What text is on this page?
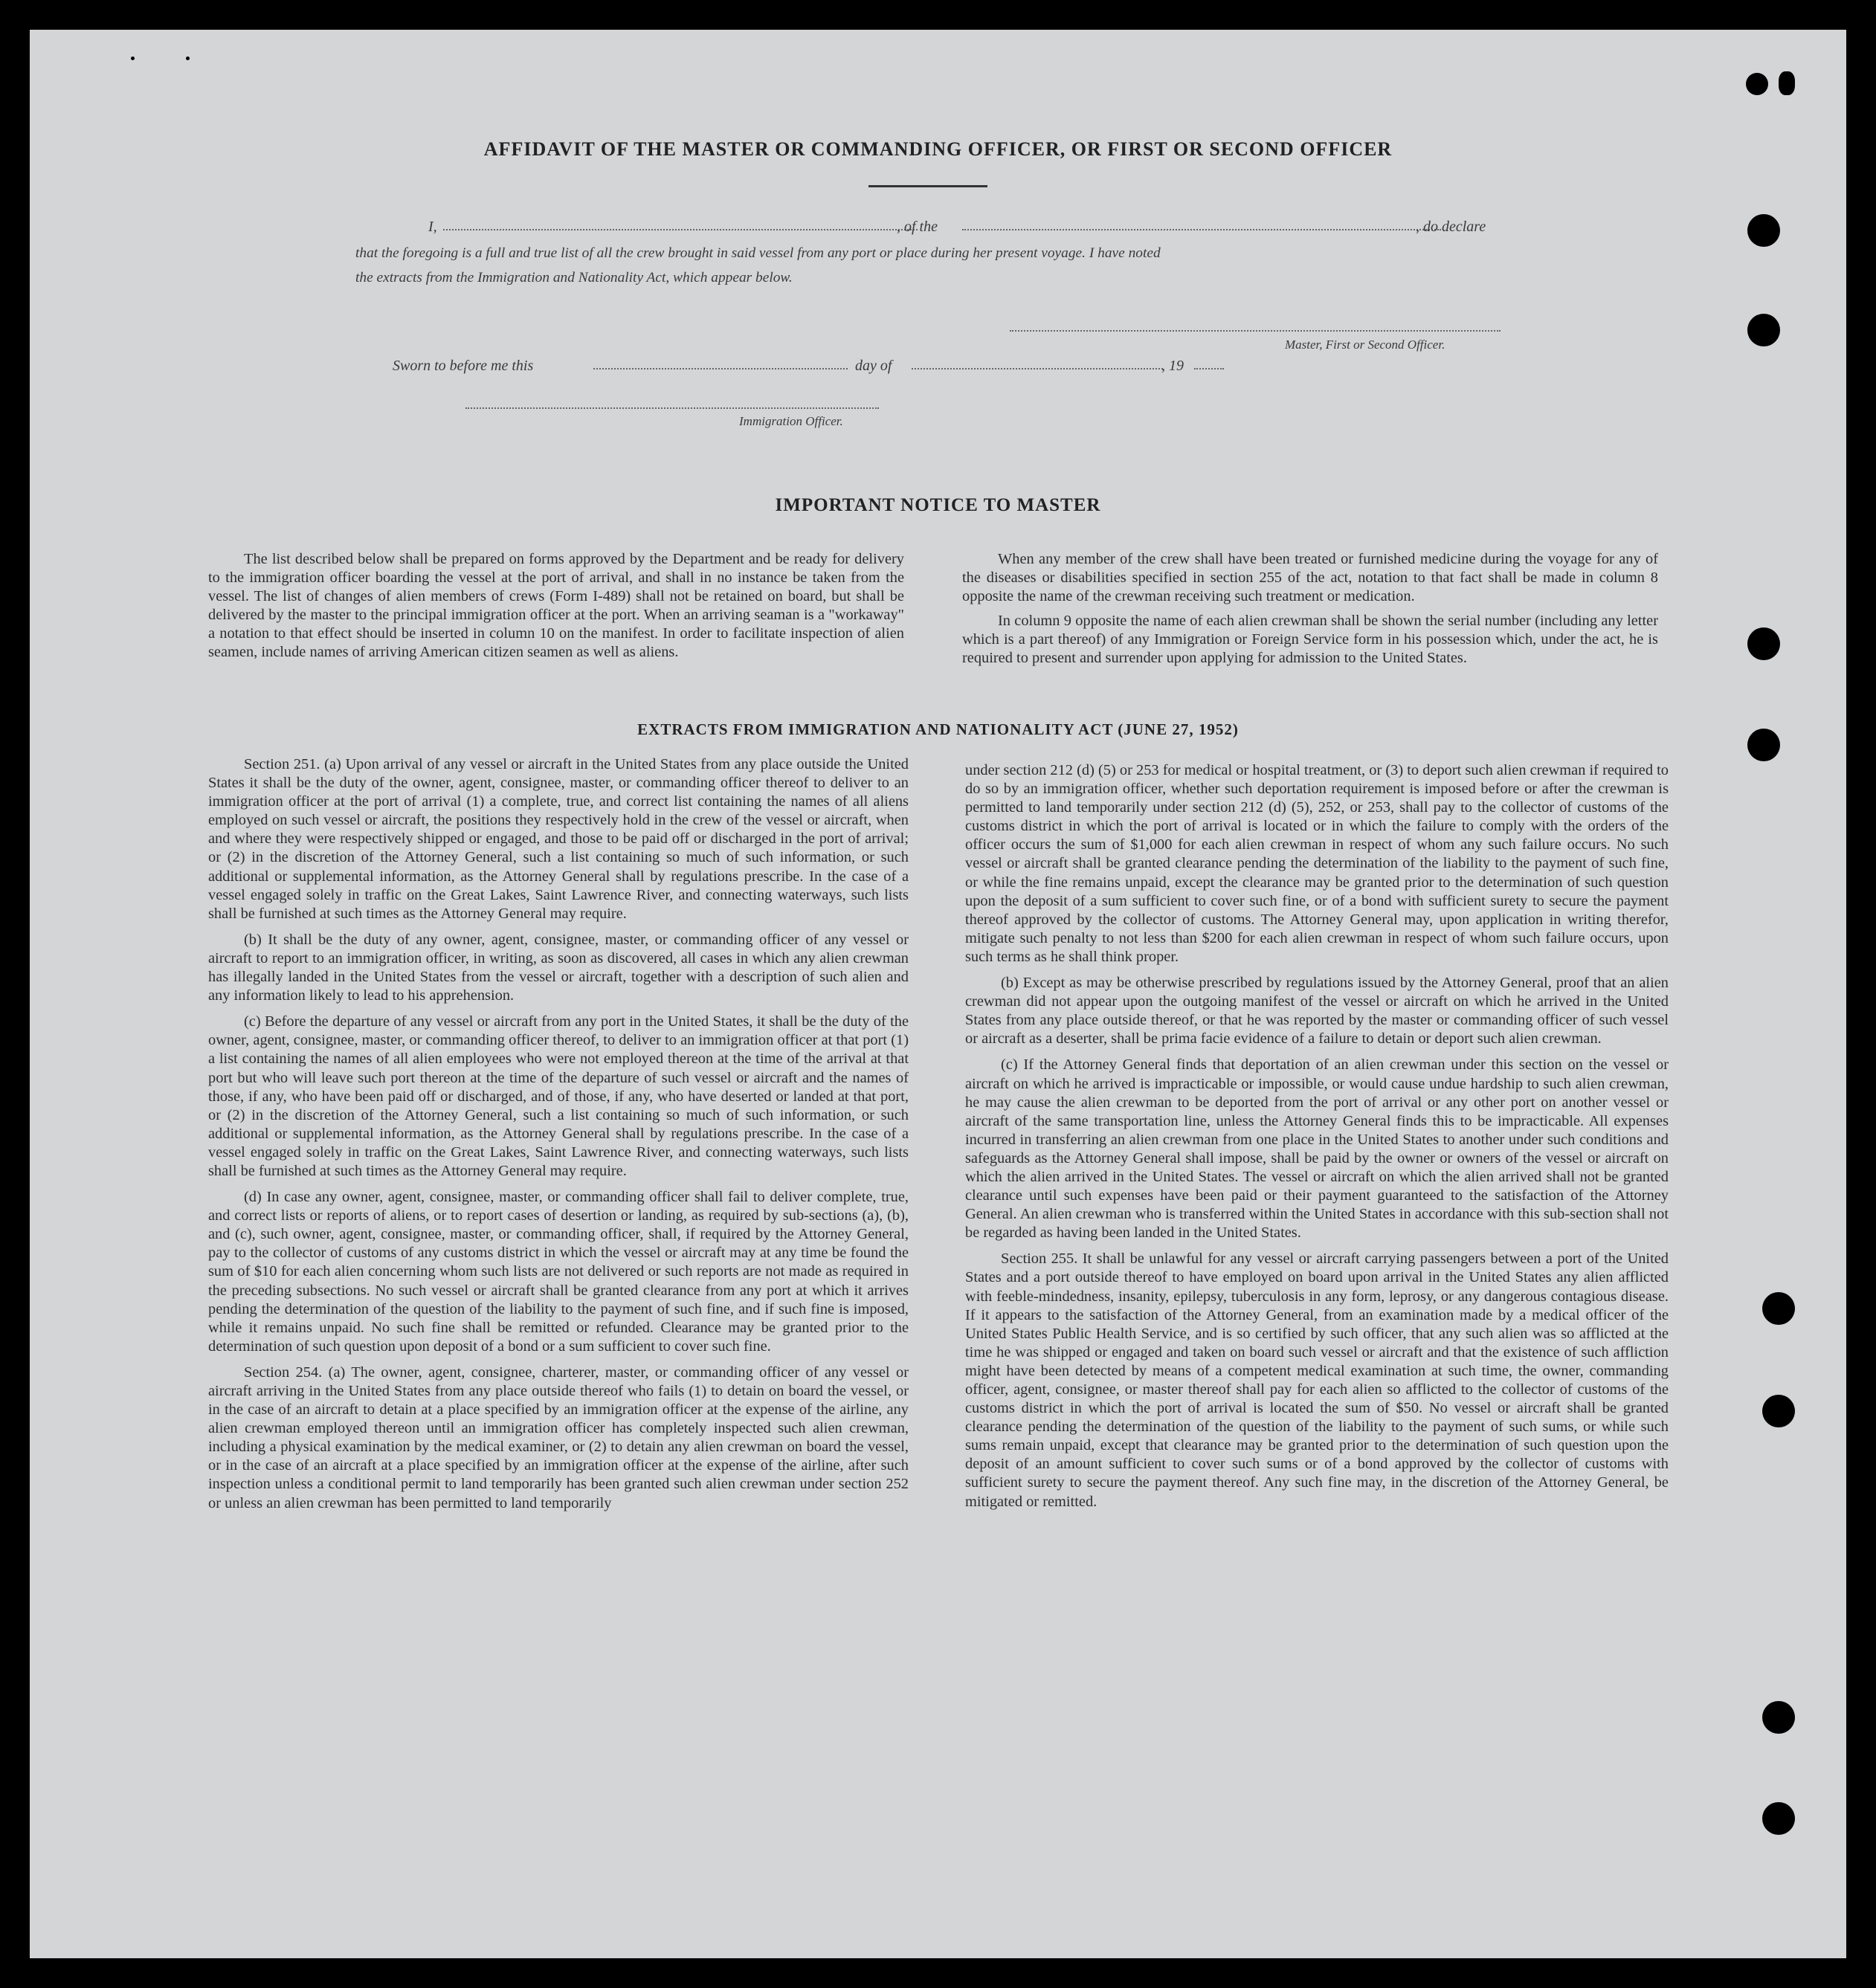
AFFIDAVIT OF THE MASTER OR COMMANDING OFFICER, OR FIRST OR SECOND OFFICER
I,	, of the	, do declare
that the foregoing is a full and true list of all the crew brought in said vessel from any port or place during her present voyage. I have noted
the extracts from the Immigration and Nationality Act, which appear below.
Master, First or Second Officer.
Sworn to before me this	day of	, 19
Immigration Officer.
IMPORTANT NOTICE TO MASTER

The list described below shall be prepared on forms approved by the Department and be ready for delivery to the immigration officer boarding the vessel at the port of arrival, and shall in no instance be taken from the vessel. The list of changes of alien members of crews (Form I-489) shall not be retained on board, but shall be delivered by the master to the principal immigration officer at the port. When an arriving seaman is a "workaway" a notation to that effect should be inserted in column 10 on the manifest. In order to facilitate inspection of alien seamen, include names of arriving American citizen seamen as well as aliens.

When any member of the crew shall have been treated or furnished medicine during the voyage for any of the diseases or disabilities specified in section 255 of the act, notation to that fact shall be made in column 8 opposite the name of the crewman receiving such treatment or medication.

In column 9 opposite the name of each alien crewman shall be shown the serial number (including any letter which is a part thereof) of any Immigration or Foreign Service form in his possession which, under the act, he is required to present and surrender upon applying for admission to the United States.

EXTRACTS FROM IMMIGRATION AND NATIONALITY ACT (JUNE 27, 1952)

Section 251. (a) Upon arrival of any vessel or aircraft in the United States from any place outside the United States it shall be the duty of the owner, agent, consignee, master, or commanding officer thereof to deliver to an immigration officer at the port of arrival (1) a complete, true, and correct list containing the names of all aliens employed on such vessel or aircraft, the positions they respectively hold in the crew of the vessel or aircraft, when and where they were respectively shipped or engaged, and those to be paid off or discharged in the port of arrival; or (2) in the discretion of the Attorney General, such a list containing so much of such information, or such additional or supplemental information, as the Attorney General shall by regulations prescribe. In the case of a vessel engaged solely in traffic on the Great Lakes, Saint Lawrence River, and connecting waterways, such lists shall be furnished at such times as the Attorney General may require.

(b) It shall be the duty of any owner, agent, consignee, master, or commanding officer of any vessel or aircraft to report to an immigration officer, in writing, as soon as discovered, all cases in which any alien crewman has illegally landed in the United States from the vessel or aircraft, together with a description of such alien and any information likely to lead to his apprehension.

(c) Before the departure of any vessel or aircraft from any port in the United States, it shall be the duty of the owner, agent, consignee, master, or commanding officer thereof, to deliver to an immigration officer at that port (1) a list containing the names of all alien employees who were not employed thereon at the time of the arrival at that port but who will leave such port thereon at the time of the departure of such vessel or aircraft and the names of those, if any, who have been paid off or discharged, and of those, if any, who have deserted or landed at that port, or (2) in the discretion of the Attorney General, such a list containing so much of such information, or such additional or supplemental information, as the Attorney General shall by regulations prescribe. In the case of a vessel engaged solely in traffic on the Great Lakes, Saint Lawrence River, and connecting waterways, such lists shall be furnished at such times as the Attorney General may require.

(d) In case any owner, agent, consignee, master, or commanding officer shall fail to deliver complete, true, and correct lists or reports of aliens, or to report cases of desertion or landing, as required by sub-sections (a), (b), and (c), such owner, agent, consignee, master, or commanding officer, shall, if required by the Attorney General, pay to the collector of customs of any customs district in which the vessel or aircraft may at any time be found the sum of $10 for each alien concerning whom such lists are not delivered or such reports are not made as required in the preceding subsections. No such vessel or aircraft shall be granted clearance from any port at which it arrives pending the determination of the question of the liability to the payment of such fine, and if such fine is imposed, while it remains unpaid. No such fine shall be remitted or refunded. Clearance may be granted prior to the determination of such question upon deposit of a bond or a sum sufficient to cover such fine.

Section 254. (a) The owner, agent, consignee, charterer, master, or commanding officer of any vessel or aircraft arriving in the United States from any place outside thereof who fails (1) to detain on board the vessel, or in the case of an aircraft to detain at a place specified by an immigration officer at the expense of the airline, any alien crewman employed thereon until an immigration officer has completely inspected such alien crewman, including a physical examination by the medical examiner, or (2) to detain any alien crewman on board the vessel, or in the case of an aircraft at a place specified by an immigration officer at the expense of the airline, after such inspection unless a conditional permit to land temporarily has been granted such alien crewman under section 252 or unless an alien crewman has been permitted to land temporarily

under section 212 (d) (5) or 253 for medical or hospital treatment, or (3) to deport such alien crewman if required to do so by an immigration officer, whether such deportation requirement is imposed before or after the crewman is permitted to land temporarily under section 212 (d) (5), 252, or 253, shall pay to the collector of customs of the customs district in which the port of arrival is located or in which the failure to comply with the orders of the officer occurs the sum of $1,000 for each alien crewman in respect of whom any such failure occurs. No such vessel or aircraft shall be granted clearance pending the determination of the liability to the payment of such fine, or while the fine remains unpaid, except the clearance may be granted prior to the determination of such question upon the deposit of a sum sufficient to cover such fine, or of a bond with sufficient surety to secure the payment thereof approved by the collector of customs. The Attorney General may, upon application in writing therefor, mitigate such penalty to not less than $200 for each alien crewman in respect of whom such failure occurs, upon such terms as he shall think proper.

(b) Except as may be otherwise prescribed by regulations issued by the Attorney General, proof that an alien crewman did not appear upon the outgoing manifest of the vessel or aircraft on which he arrived in the United States from any place outside thereof, or that he was reported by the master or commanding officer of such vessel or aircraft as a deserter, shall be prima facie evidence of a failure to detain or deport such alien crewman.

(c) If the Attorney General finds that deportation of an alien crewman under this section on the vessel or aircraft on which he arrived is impracticable or impossible, or would cause undue hardship to such alien crewman, he may cause the alien crewman to be deported from the port of arrival or any other port on another vessel or aircraft of the same transportation line, unless the Attorney General finds this to be impracticable. All expenses incurred in transferring an alien crewman from one place in the United States to another under such conditions and safeguards as the Attorney General shall impose, shall be paid by the owner or owners of the vessel or aircraft on which the alien arrived in the United States. The vessel or aircraft on which the alien arrived shall not be granted clearance until such expenses have been paid or their payment guaranteed to the satisfaction of the Attorney General. An alien crewman who is transferred within the United States in accordance with this sub-section shall not be regarded as having been landed in the United States.

Section 255. It shall be unlawful for any vessel or aircraft carrying passengers between a port of the United States and a port outside thereof to have employed on board upon arrival in the United States any alien afflicted with feeble-mindedness, insanity, epilepsy, tuberculosis in any form, leprosy, or any dangerous contagious disease. If it appears to the satisfaction of the Attorney General, from an examination made by a medical officer of the United States Public Health Service, and is so certified by such officer, that any such alien was so afflicted at the time he was shipped or engaged and taken on board such vessel or aircraft and that the existence of such affliction might have been detected by means of a competent medical examination at such time, the owner, commanding officer, agent, consignee, or master thereof shall pay for each alien so afflicted to the collector of customs of the customs district in which the port of arrival is located the sum of $50. No vessel or aircraft shall be granted clearance pending the determination of the question of the liability to the payment of such sums, or while such sums remain unpaid, except that clearance may be granted prior to the determination of such question upon the deposit of an amount sufficient to cover such sums or of a bond approved by the collector of customs with sufficient surety to secure the payment thereof. Any such fine may, in the discretion of the Attorney General, be mitigated or remitted.
